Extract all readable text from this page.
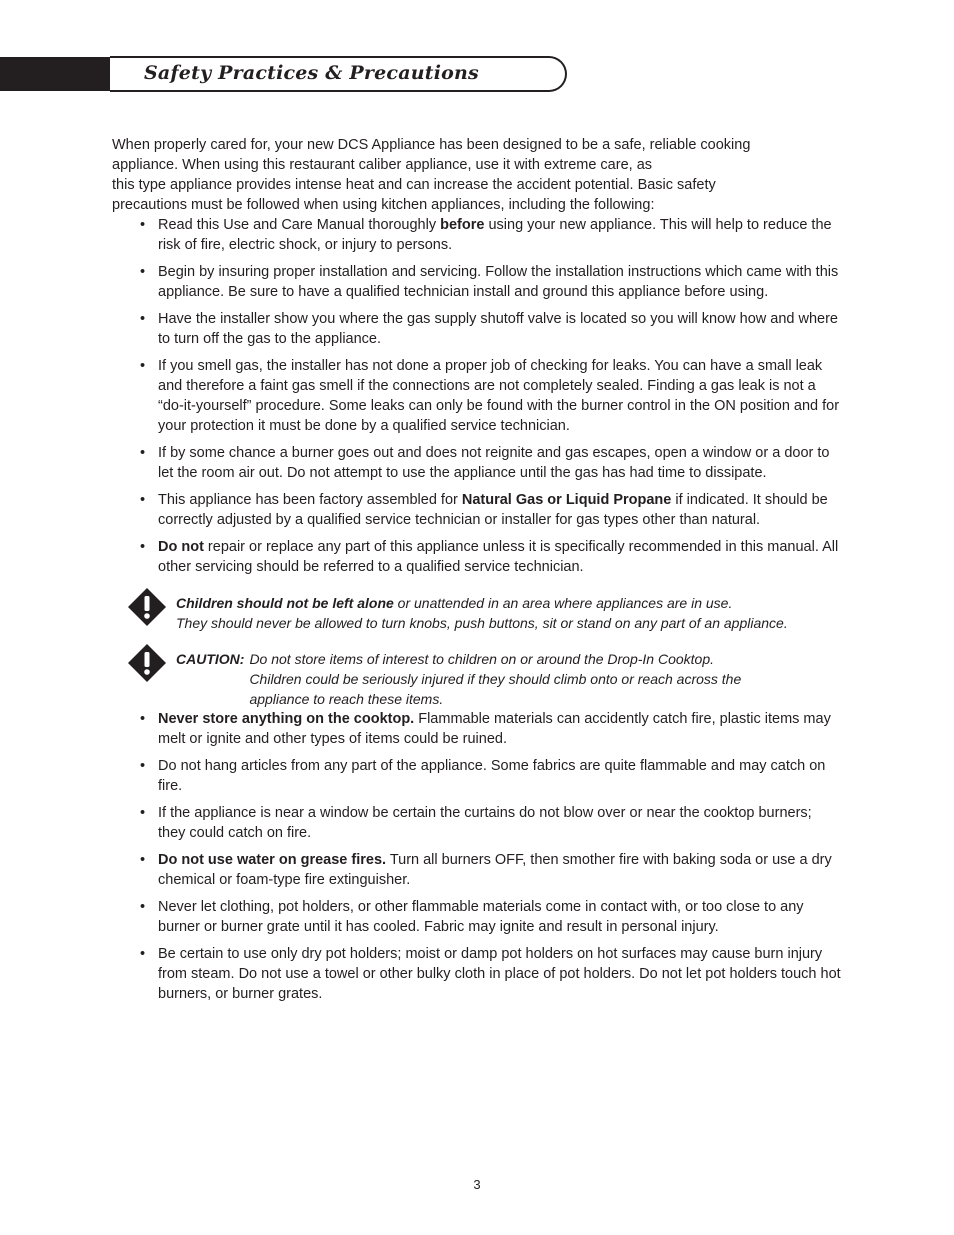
Safety Practices & Precautions

When properly cared for, your new DCS Appliance has been designed to be a safe, reliable cooking
appliance. When using this restaurant caliber appliance, use it with extreme care, as
this type appliance provides intense heat and can increase the accident potential. Basic safety
precautions must be followed when using kitchen appliances, including the following:

• Read this Use and Care Manual thoroughly before using your new appliance. This will help to reduce the risk of fire, electric shock, or injury to persons.
• Begin by insuring proper installation and servicing. Follow the installation instructions which came with this appliance. Be sure to have a qualified technician install and ground this appliance before using.
• Have the installer show you where the gas supply shutoff valve is located so you will know how and where to turn off the gas to the appliance.
• If you smell gas, the installer has not done a proper job of checking for leaks. You can have a small leak and therefore a faint gas smell if the connections are not completely sealed. Finding a gas leak is not a “do-it-yourself” procedure. Some leaks can only be found with the burner control in the ON position and for your protection it must be done by a qualified service technician.
• If by some chance a burner goes out and does not reignite and gas escapes, open a window or a door to let the room air out. Do not attempt to use the appliance until the gas has had time to dissipate.
• This appliance has been factory assembled for Natural Gas or Liquid Propane if indicated. It should be correctly adjusted by a qualified service technician or installer for gas types other than natural.
• Do not repair or replace any part of this appliance unless it is specifically recommended in this manual. All other servicing should be referred to a qualified service technician.
Children should not be left alone or unattended in an area where appliances are in use.
They should never be allowed to turn knobs, push buttons, sit or stand on any part of an appliance.
CAUTION: Do not store items of interest to children on or around the Drop-In Cooktop.
Children could be seriously injured if they should climb onto or reach across the
appliance to reach these items.
• Never store anything on the cooktop. Flammable materials can accidently catch fire, plastic items may melt or ignite and other types of items could be ruined.
• Do not hang articles from any part of the appliance. Some fabrics are quite flammable and may catch on fire.
• If the appliance is near a window be certain the curtains do not blow over or near the cooktop burners; they could catch on fire.
• Do not use water on grease fires. Turn all burners OFF, then smother fire with baking soda or use a dry chemical or foam-type fire extinguisher.
• Never let clothing, pot holders, or other flammable materials come in contact with, or too close to any burner or burner grate until it has cooled. Fabric may ignite and result in personal injury.
• Be certain to use only dry pot holders; moist or damp pot holders on hot surfaces may cause burn injury from steam. Do not use a towel or other bulky cloth in place of pot holders. Do not let pot holders touch hot burners, or burner grates.
3
